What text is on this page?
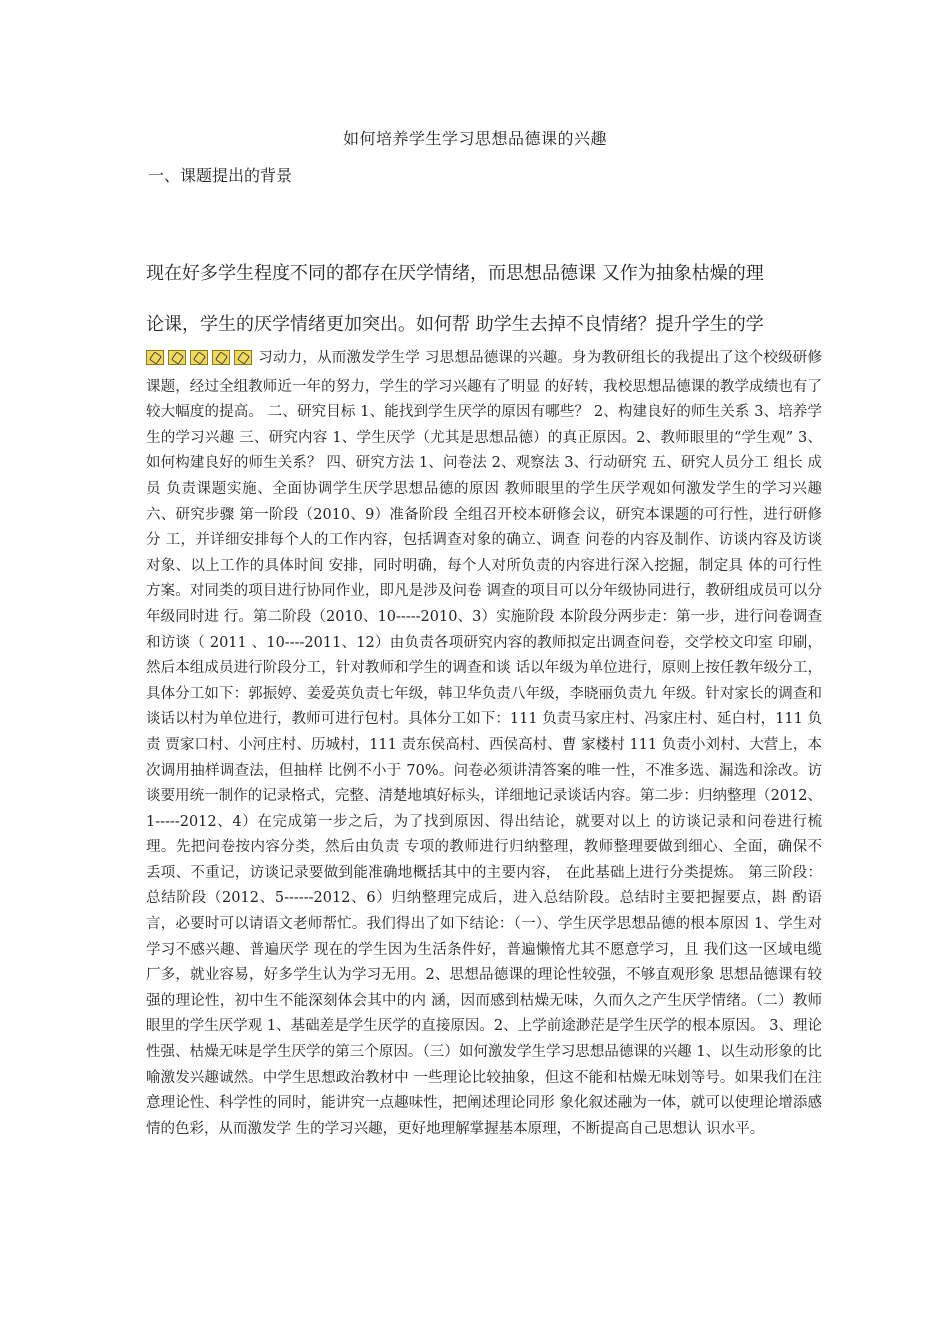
如何培养学生学习思想品德课的兴趣
一、课题提出的背景
现在好多学生程度不同的都存在厌学情绪，而思想品德课 又作为抽象枯燥的理
论课，学生的厌学情绪更加突出。如何帮 助学生去掉不良情绪？提升学生的学
习动力，从而激发学生学 习思想品德课的兴趣。身为教研组长的我提出了这个校级研修 课题，经过全组教师近一年的努力，学生的学习兴趣有了明显 的好转，我校思想品德课的教学成绩也有了较大幅度的提高。 二、研究目标 1、能找到学生厌学的原因有哪些？ 2、构建良好的师生关系 3、培养学生的学习兴趣 三、研究内容 1、学生厌学（尤其是思想品德）的真正原因。2、教师眼里的“学生观” 3、如何构建良好的师生关系？ 四、研究方法 1、问卷法 2、观察法 3、行动研究 五、研究人员分工 组长 成员 负责课题实施、全面协调学生厌学思想品德的原因 教师眼里的学生厌学观如何激发学生的学习兴趣 六、研究步骤 第一阶段（2010、9）准备阶段 全组召开校本研修会议，研究本课题的可行性，进行研修分 工，并详细安排每个人的工作内容，包括调查对象的确立、调查 问卷的内容及制作、访谈内容及访谈对象、以上工作的具体时间 安排，同时明确，每个人对所负责的内容进行深入挖掘，制定具 体的可行性方案。对同类的项目进行协同作业，即凡是涉及问卷 调查的项目可以分年级协同进行，教研组成员可以分年级同时进 行。第二阶段（2010、10-----2010、3）实施阶段 本阶段分两步走：第一步，进行问卷调查和访谈（ 2011 、10----2011、12）由负责各项研究内容的教师拟定出调查问卷，交学校文印室 印刷，然后本组成员进行阶段分工，针对教师和学生的调查和谈 话以年级为单位进行，原则上按任教年级分工，具体分工如下：郭振婷、姜爱英负责七年级，韩卫华负责八年级，李晓丽负责九 年级。针对家长的调查和谈话以村为单位进行，教师可进行包村。具体分工如下：111 负责马家庄村、冯家庄村、延白村，111 负责 贾家口村、小河庄村、历城村，111 责东侯高村、西侯高村、曹 家楼村 111 负责小刘村、大营上，本次调用抽样调查法，但抽样 比例不小于 70%。问卷必须讲清答案的唯一性，不准多选、漏选和涂改。访谈要用统一制作的记录格式，完整、清楚地填好标头，详细地记录谈话内容。第二步：归纳整理（2012、1-----2012、4）在完成第一步之后，为了找到原因、得出结论，就要对以上 的访谈记录和问卷进行梳理。先把问卷按内容分类，然后由负责 专项的教师进行归纳整理，教师整理要做到细心、全面，确保不 丢项、不重记，访谈记录要做到能准确地概括其中的主要内容， 在此基础上进行分类提炼。 第三阶段：总结阶段（2012、5------2012、6）归纳整理完成后，进入总结阶段。总结时主要把握要点，斟 酌语言，必要时可以请语文老师帮忙。我们得出了如下结论：（一）、学生厌学思想品德的根本原因 1、学生对学习不感兴趣、普遍厌学 现在的学生因为生活条件好，普遍懒惰尤其不愿意学习，且 我们这一区域电缆厂多，就业容易，好多学生认为学习无用。2、思想品德课的理论性较强，不够直观形象 思想品德课有较强的理论性，初中生不能深刻体会其中的内 涵，因而感到枯燥无味，久而久之产生厌学情绪。（二）教师眼里的学生厌学观 1、基础差是学生厌学的直接原因。2、上学前途渺茫是学生厌学的根本原因。 3、理论性强、枯燥无味是学生厌学的第三个原因。（三）如何激发学生学习思想品德课的兴趣 1、以生动形象的比喻激发兴趣诚然。中学生思想政治教材中 一些理论比较抽象，但这不能和枯燥无味划等号。如果我们在注 意理论性、科学性的同时，能讲究一点趣味性，把阐述理论同形 象化叙述融为一体，就可以使理论增添感情的色彩，从而激发学 生的学习兴趣，更好地理解掌握基本原理，不断提高自己思想认 识水平。
